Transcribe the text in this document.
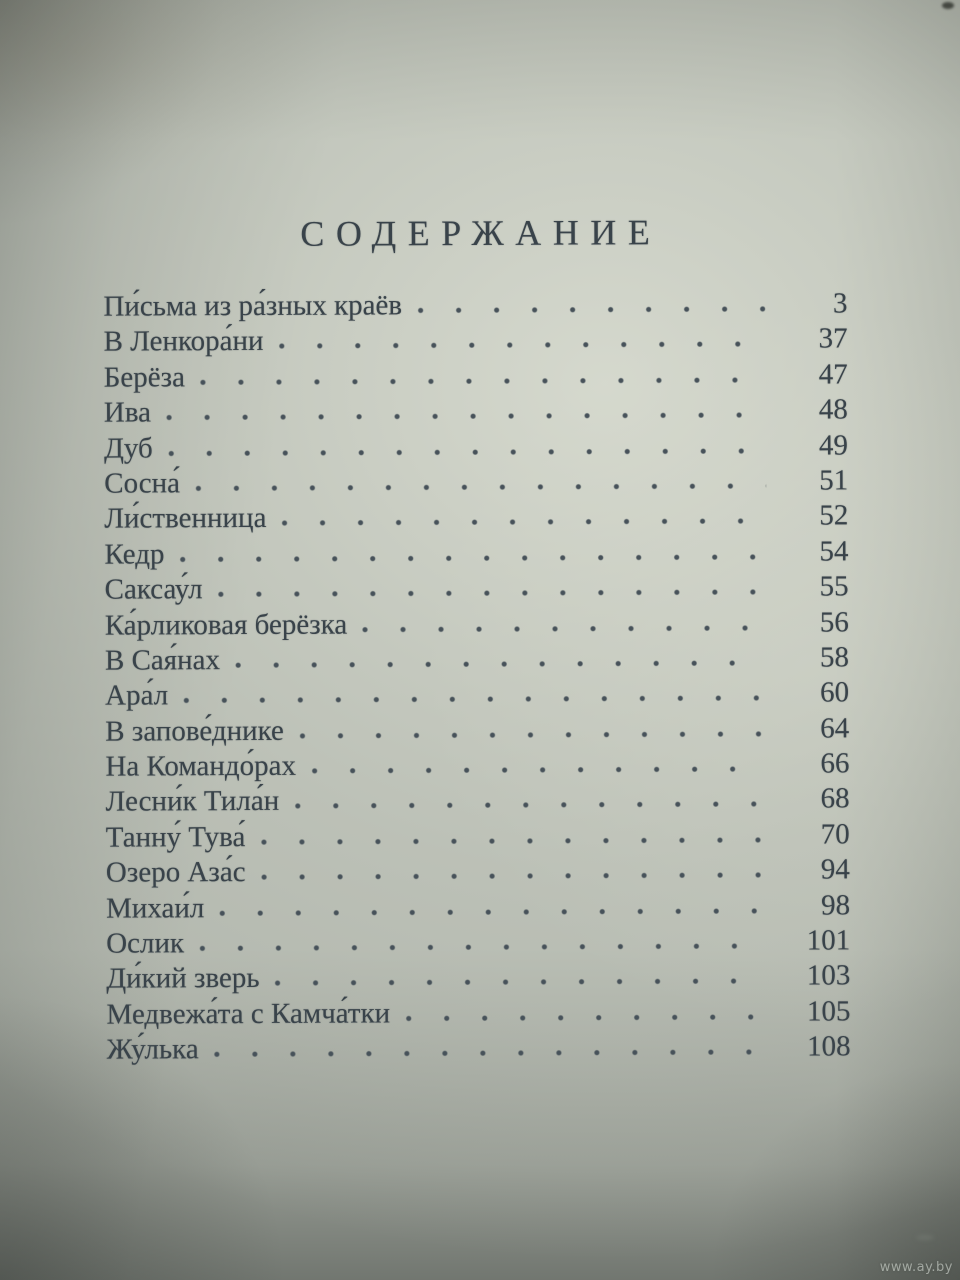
СОДЕРЖАНИЕ
Пи́сьма из ра́зных краёв	3
В Ленкора́ни	37
Берёза	47
Ива	48
Дуб	49
Сосна́	51
Ли́ственница	52
Кедр	54
Саксау́л	55
Ка́рликовая берёзка	56
В Сая́нах	58
Ара́л	60
В запове́днике	64
На Командо́рах	66
Лесни́к Тила́н	68
Танну́ Тува́	70
Озеро Аза́с	94
Михаи́л	98
Ослик	101
Ди́кий зверь	103
Медвежа́та с Камча́тки	105
Жу́лька	108
www.ay.by
